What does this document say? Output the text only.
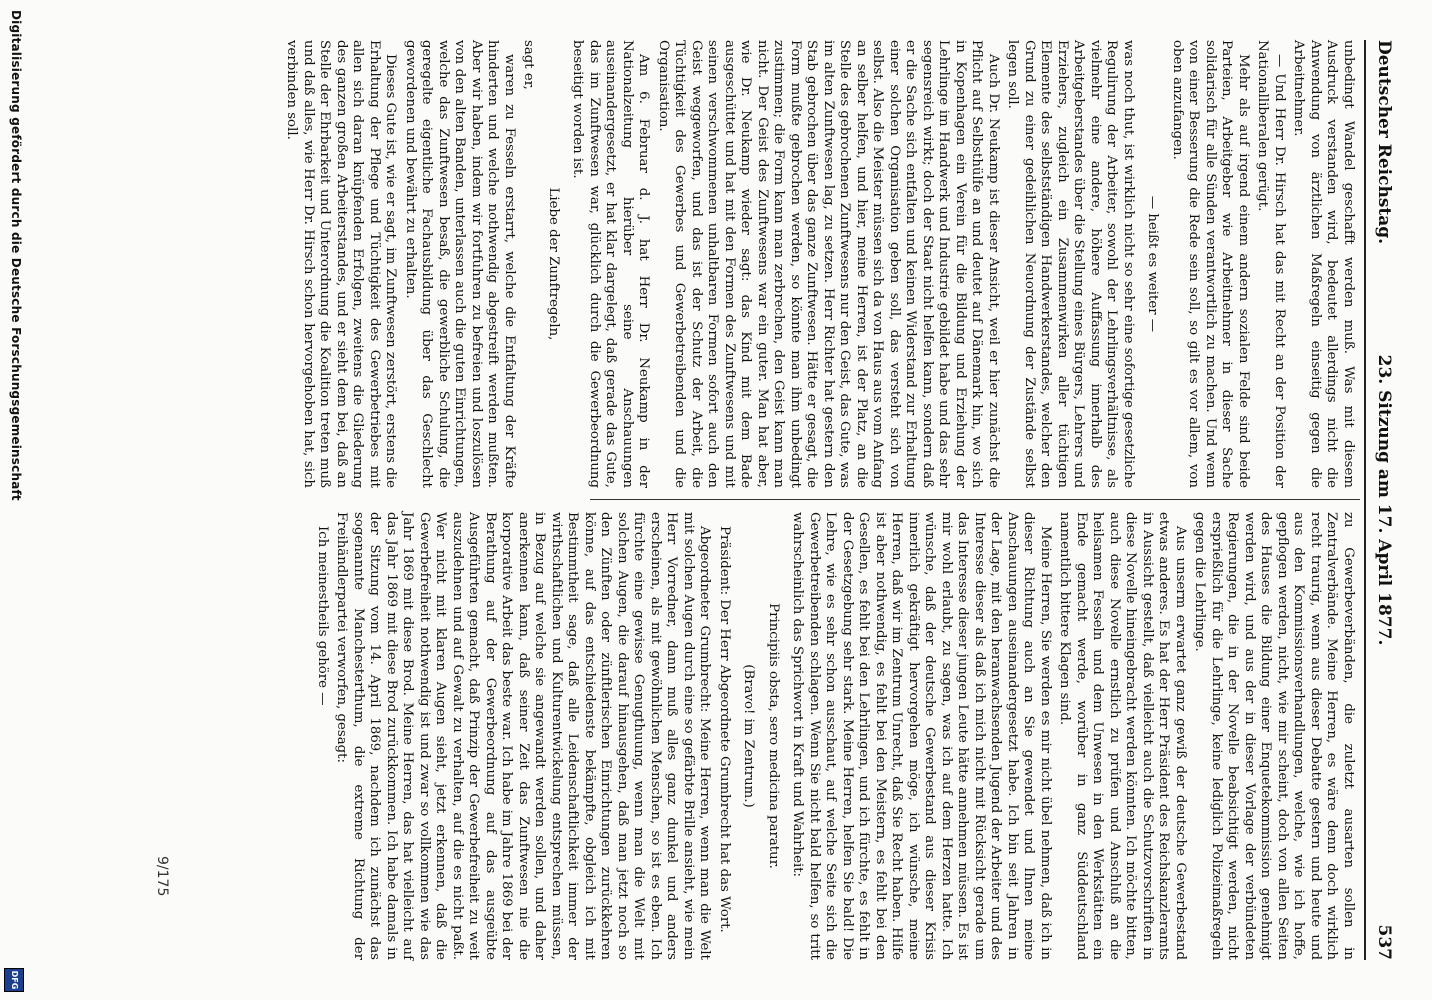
Deutscher Reichstag.
23. Sitzung am 17. April 1877.
537

unbedingt Wandel geschafft werden muß. Was mit diesem Ausdruck verstanden wird, bedeutet allerdings nicht die Anwendung von ärztlichen Maßregeln einseitig gegen die Arbeitnehmer.

— Und Herr Dr. Hirsch hat das mit Recht an der Position der Nationalliberalen gerügt.

Mehr als auf irgend einem andern sozialen Felde sind beide Parteien, Arbeitgeber wie Arbeitnehmer in dieser Sache solidarisch für alle Sünden verantwortlich zu machen. Und wenn von einer Besserung die Rede sein soll, so gilt es vor allem, von oben anzufangen.

— heißt es weiter —

was noch thut, ist wirklich nicht so sehr eine sofortige gesetzliche Regulirung der Arbeiter, sowohl der Lehrlingsverhältnisse, als vielmehr eine andere, höhere Auffassung innerhalb des Arbeitgeberstandes über die Stellung eines Bürgers, Lehrers und Erziehers, zugleich ein Zusammenwirken aller tüchtigen Elemente des selbstständigen Handwerkerstandes, welcher den Grund zu einer gedeihlichen Neuordnung der Zustände selbst legen soll.

Auch Dr. Neukamp ist dieser Ansicht, weil er hier zunächst die Pflicht auf Selbsthülfe an und deutet auf Dänemark hin, wo sich in Kopenhagen ein Verein für die Bildung und Erziehung der Lehrlinge im Handwerk und Industrie gebildet habe und das sehr segensreich wirkt; doch der Staat nicht helfen kann, sondern daß er die Sache sich entfalten und keinen Widerstand zur Erhaltung einer solchen Organisation geben soll, das versteht sich von selbst. Also die Meister müssen sich da von Haus aus vom Anfang an selber helfen, und hier, meine Herren, ist der Platz, an die Stelle des gebrochenen Zunftwesens nur den Geist, das Gute, was im alten Zunftwesen lag, zu setzen. Herr Richter hat gestern den Stab gebrochen über das ganze Zunftwesen. Hätte er gesagt, die Form mußte gebrochen werden, so könnte man ihm unbedingt zustimmen; die Form kann man zerbrechen, den Geist kann man nicht. Der Geist des Zunftwesens war ein guter. Man hat aber, wie Dr. Neukamp wieder sagt: das Kind mit dem Bade ausgeschüttet und hat mit den Formen des Zunftwesens und mit seinen verschwommenen unhaltbaren Formen sofort auch den Geist weggeworfen, und das ist der Schutz der Arbeit, die Tüchtigkeit des Gewerbes und Gewerbetreibenden und die Organisation.

Am 6. Februar d. J. hat Herr Dr. Neukamp in der Nationalzeitung hierüber seine Anschauungen auseinandergesetzt, er hat klar dargelegt, daß gerade das Gute, das im Zunftwesen war, glücklich durch die Gewerbeordnung beseitigt worden ist.

Liebe der Zunftregeln,

sagt er,

waren zu Fesseln erstarrt, welche die Entfaltung der Kräfte hinderten und welche nothwendig abgestreift werden mußten. Aber wir haben, indem wir fortfuhren zu befreien und loszulösen von den alten Banden, unterlassen auch die guten Einrichtungen, welche das Zunftwesen besaß, die gewerbliche Schulung, die geregelte eigentliche Fachausbildung über das Geschlecht gewordenen und bewährt zu erhalten.

Dieses Gute ist, wie er sagt, im Zunftwesen zerstört, erstens die Erhaltung der Pflege und Tüchtigkeit des Gewerbetriebes mit allen sich daran knüpfenden Erfolgen, zweitens die Gliederung des ganzen großen Arbeiterstandes, und er sieht dem bei, daß an Stelle der Ehrbarkeit und Unterordnung die Koalition treten muß und daß alles, wie Herr Dr. Hirsch schon hervorgehoben hat, sich verbinden soll.

zu Gewerbeverbänden, die zuletzt ausarten sollen in Zentralverbände. Meine Herren, es wäre denn doch wirklich recht traurig, wenn aus dieser Debatte gestern und heute und aus den Kommissionsverhandlungen, welche, wie ich hoffe, gepflogen werden, nicht, wie mir scheint, doch von allen Seiten des Hauses die Bildung einer Enquetekommission genehmigt werden wird, und aus der in dieser Vorlage der verbündeten Regierungen, die in der Novelle beabsichtigt werden, nicht ersprießlich für die Lehrlinge, keine lediglich Polizeimaßregeln gegen die Lehrlinge.

Aus unserm erwartet ganz gewiß der deutsche Gewerbestand etwas anderes. Es hat der Herr Präsident des Reichskanzleramts in Aussicht gestellt, daß vielleicht auch die Schutzvorschriften in diese Novelle hineingebracht werden könnten. Ich möchte bitten, auch diese Novelle ernstlich zu prüfen und Anschluß an die heilsamen Fesseln und dem Unwesen in den Werkstätten ein Ende gemacht werde, worüber in ganz Süddeutschland namentlich bittere Klagen sind.

Meine Herren, Sie werden es mir nicht übel nehmen, daß ich in dieser Richtung auch an Sie gewendet und Ihnen meine Anschauungen auseinandergesetzt habe. Ich bin seit Jahren in der Lage, mit den heranwachsenden Jugend der Arbeiter und des Interesse dieser als daß ich mich nicht mit Rücksicht gerade um das Interesse dieser jungen Leute hätte annehmen müssen. Es ist mir wohl erlaubt, zu sagen, was ich auf dem Herzen hatte. Ich wünsche, daß der deutsche Gewerbestand aus dieser Krisis innerlich gekräftigt hervorgehen möge, ich wünsche, meine Herren, daß wir im Zentrum Unrecht, daß Sie Recht haben. Hilfe ist aber nothwendig, es fehlt bei den Meistern, es fehlt bei den Gesellen, es fehlt bei den Lehrlingen, und ich fürchte, es fehlt in der Gesetzgebung sehr stark. Meine Herren, helfen Sie bald! Die Lehre, wie es sehr schon ausschaut, auf welche Seite sich die Gewerbetreibenden schlagen. Wenn Sie nicht bald helfen, so tritt wahrscheinlich das Sprichwort in Kraft und Wahrheit:

Principiis obsta, sero medicina paratur.

(Bravo! im Zentrum.)

Präsident: Der Herr Abgeordnete Grumbrecht hat das Wort.

Abgeordneter Grumbrecht: Meine Herren, wenn man die Welt mit solchen Augen durch eine so gefärbte Brille ansieht, wie mein Herr Vorredner, dann muß alles ganz dunkel und anders erscheinen, als mit gewöhnlichen Menschen, so ist es eben. Ich fürchte eine gewisse Genugthuung, wenn man die Welt mit solchen Augen, die darauf hinausgehen, daß man jetzt noch so den Zünften oder zünftlerischen Einrichtungen zurückkehren könne, auf das entschiedenste bekämpfte, obgleich ich mit Bestimmtheit sage, daß alle Leidenschaftlichkeit immer der wirthschaftlichen und Kulturentwickelung entsprechen müssen, in Bezug auf welche sie angewandt werden sollen, und daher anerkennen kann, daß seiner Zeit das Zunftwesen nie die korporative Arbeit das beste war. Ich habe im Jahre 1869 bei der Berathung auf der Gewerbeordnung auf das ausgeübte Ausgeführten gemacht, daß Prinzip der Gewerbefreiheit zu weit auszudehnen und auf Gewalt zu verhalten, auf die es nicht paßt. Wer nicht mit klaren Augen sieht, jetzt erkennen, daß die Gewerbefreiheit nothwendig ist und zwar so vollkommen wie das Jahr 1869 mit diese Brod. Meine Herren, das hat vielleicht auf das Jahr 1869 mit diese Brod zurückkommen. Ich habe damals in der Sitzung vom 14. April 1869, nachdem ich zunächst das sogenannte Manchesterthum, die extreme Richtung der Freihändlerpartei verworfen, gesagt:

Ich meinestheils gehöre —

9/175
Digitalisierung gefördert durch die Deutsche Forschungsgemeinschaft
DFG
